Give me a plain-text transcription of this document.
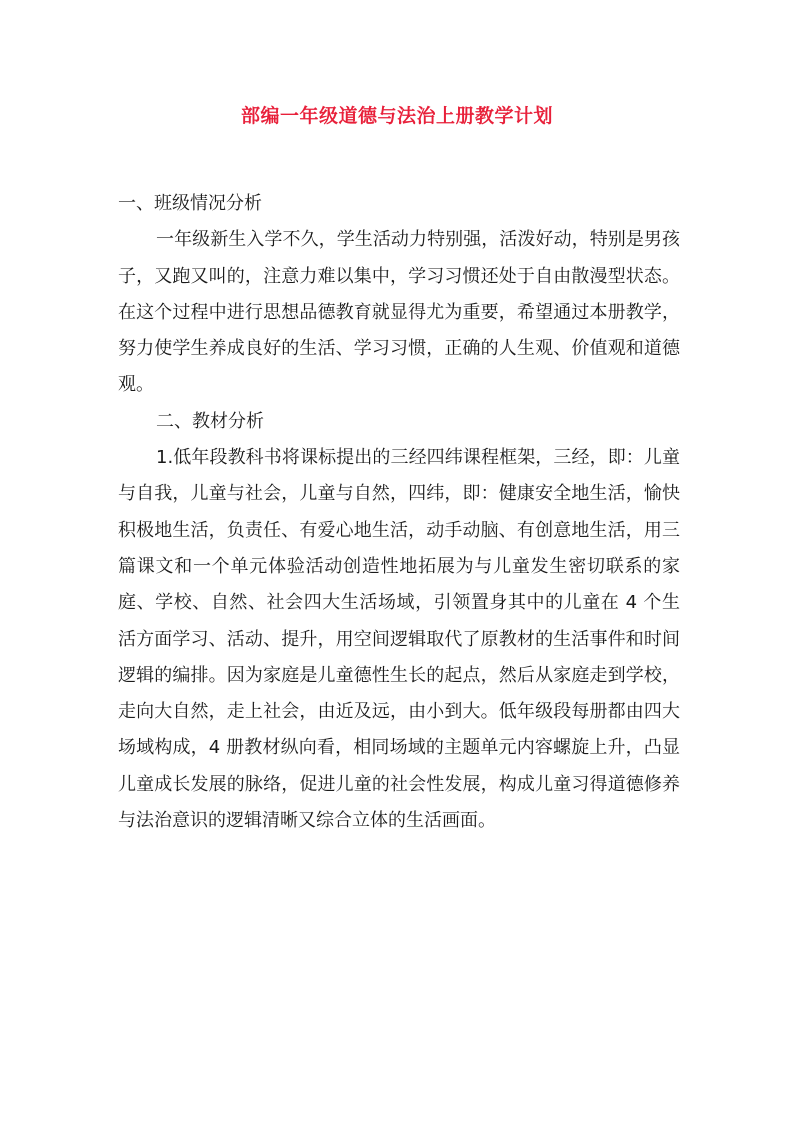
部编一年级道德与法治上册教学计划

一、班级情况分析

一年级新生入学不久，学生活动力特别强，活泼好动，特别是男孩子，又跑又叫的，注意力难以集中，学习习惯还处于自由散漫型状态。在这个过程中进行思想品德教育就显得尤为重要，希望通过本册教学，努力使学生养成良好的生活、学习习惯，正确的人生观、价值观和道德观。

二、教材分析

1.低年段教科书将课标提出的三经四纬课程框架，三经，即：儿童与自我，儿童与社会，儿童与自然，四纬，即：健康安全地生活，愉快积极地生活，负责任、有爱心地生活，动手动脑、有创意地生活，用三篇课文和一个单元体验活动创造性地拓展为与儿童发生密切联系的家庭、学校、自然、社会四大生活场域，引领置身其中的儿童在 4 个生活方面学习、活动、提升，用空间逻辑取代了原教材的生活事件和时间逻辑的编排。因为家庭是儿童德性生长的起点，然后从家庭走到学校，走向大自然，走上社会，由近及远，由小到大。低年级段每册都由四大场域构成，4 册教材纵向看，相同场域的主题单元内容螺旋上升，凸显儿童成长发展的脉络，促进儿童的社会性发展，构成儿童习得道德修养与法治意识的逻辑清晰又综合立体的生活画面。
